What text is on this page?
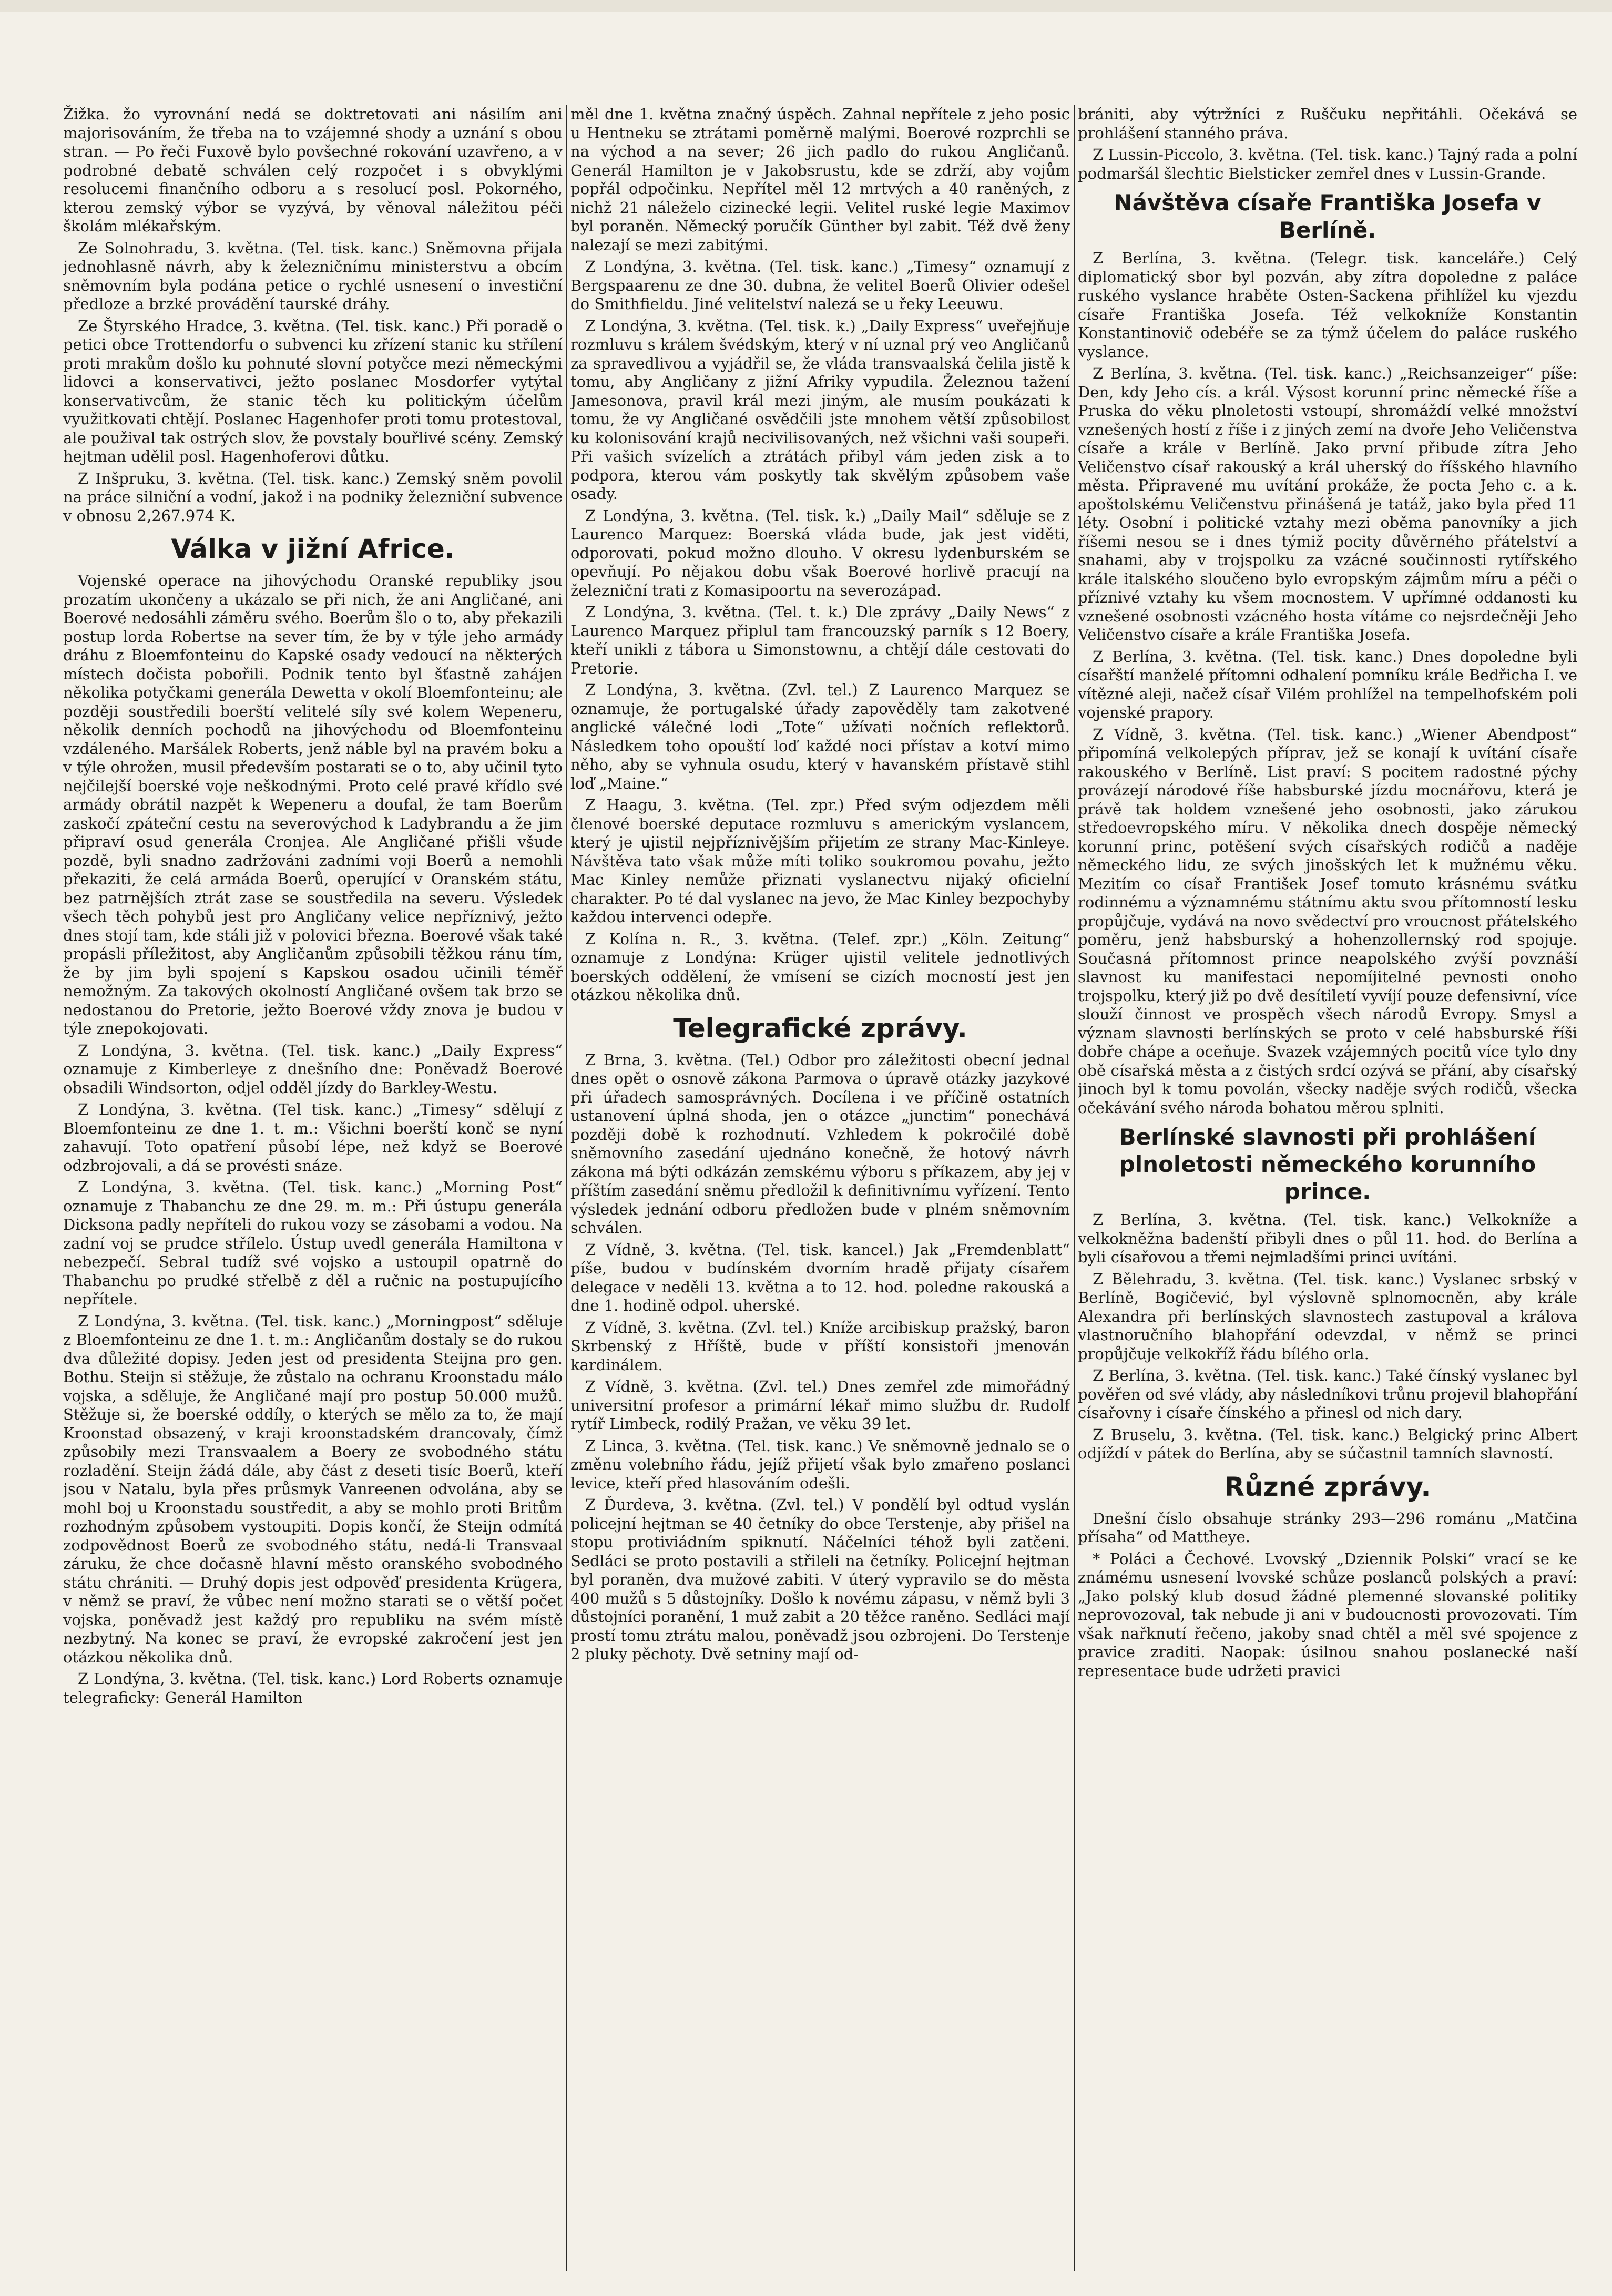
Žižka. žo vyrovnání nedá se doktretovati ani násilím ani majorisováním, že třeba na to vzájemné shody a uznání s obou stran. — Po řeči Fuxově bylo povšechné rokování uzavřeno, a v podrobné debatě schválen celý rozpočet i s obvyklými resolucemi finančního odboru a s resolucí posl. Pokorného, kterou zemský výbor se vyzývá, by věnoval náležitou péči školám mlékařským.

Ze Solnohradu, 3. května. (Tel. tisk. kanc.) Sněmovna přijala jednohlasně návrh, aby k železničnímu ministerstvu a obcím sněmovním byla podána petice o rychlé usnesení o investiční předloze a brzké provádění taurské dráhy.

Ze Štyrského Hradce, 3. května. (Tel. tisk. kanc.) Při poradě o petici obce Trottendorfu o subvenci ku zřízení stanic ku střílení proti mrakům došlo ku pohnuté slovní potyčce mezi německými lidovci a konservativci, ježto poslanec Mosdorfer vytýtal konservativcům, že stanic těch ku politickým účelům využitkovati chtějí. Poslanec Hagenhofer proti tomu protestoval, ale použival tak ostrých slov, že povstaly bouřlivé scény. Zemský hejtman udělil posl. Hagenhoferovi důtku.

Z Inšpruku, 3. května. (Tel. tisk. kanc.) Zemský sněm povolil na práce silniční a vodní, jakož i na podniky železniční subvence v obnosu 2,267.974 K.

Válka v jižní Africe.

Vojenské operace na jihovýchodu Oranské republiky jsou prozatím ukončeny a ukázalo se při nich, že ani Angličané, ani Boerové nedosáhli záměru svého. Boerům šlo o to, aby překazili postup lorda Robertse na sever tím, že by v týle jeho armády dráhu z Bloemfonteinu do Kapské osady vedoucí na některých místech dočista pobořili. Podnik tento byl šťastně zahájen několika potyčkami generála Dewetta v okolí Bloemfonteinu; ale později soustředili boerští velitelé síly své kolem Wepeneru, několik denních pochodů na jihovýchodu od Bloemfonteinu vzdáleného. Maršálek Roberts, jenž náble byl na pravém boku a v týle ohrožen, musil především postarati se o to, aby učinil tyto nejčilejší boerské voje neškodnými. Proto celé pravé křídlo své armády obrátil nazpět k Wepeneru a doufal, že tam Boerům zaskočí zpáteční cestu na severovýchod k Ladybrandu a že jim připraví osud generála Cronjea. Ale Angličané přišli všude pozdě, byli snadno zadržováni zadními voji Boerů a nemohli překaziti, že celá armáda Boerů, operující v Oranském státu, bez patrnějších ztrát zase se soustředila na severu. Výsledek všech těch pohybů jest pro Angličany velice nepříznivý, ježto dnes stojí tam, kde stáli již v polovici března. Boerové však také propásli příležitost, aby Angličanům způsobili těžkou ránu tím, že by jim byli spojení s Kapskou osadou učinili téměř nemožným. Za takových okolností Angličané ovšem tak brzo se nedostanou do Pretorie, ježto Boerové vždy znova je budou v týle znepokojovati.

Z Londýna, 3. května. (Tel. tisk. kanc.) „Daily Express“ oznamuje z Kimberleye z dnešního dne: Poněvadž Boerové obsadili Windsorton, odjel odděl jízdy do Barkley-Westu.

Z Londýna, 3. května. (Tel tisk. kanc.) „Timesy“ sdělují z Bloemfonteinu ze dne 1. t. m.: Všichni boerští konč se nyní zahavují. Toto opatření působí lépe, než když se Boerové odzbrojovali, a dá se provésti snáze.

Z Londýna, 3. května. (Tel. tisk. kanc.) „Morning Post“ oznamuje z Thabanchu ze dne 29. m. m.: Při ústupu generála Dicksona padly nepříteli do rukou vozy se zásobami a vodou. Na zadní voj se prudce střílelo. Ústup uvedl generála Hamiltona v nebezpečí. Sebral tudíž své vojsko a ustoupil opatrně do Thabanchu po prudké střelbě z děl a ručnic na postupujícího nepřítele.

Z Londýna, 3. května. (Tel. tisk. kanc.) „Morningpost“ sděluje z Bloemfonteinu ze dne 1. t. m.: Angličanům dostaly se do rukou dva důležité dopisy. Jeden jest od presidenta Steijna pro gen. Bothu. Steijn si stěžuje, že zůstalo na ochranu Kroonstadu málo vojska, a sděluje, že Angličané mají pro postup 50.000 mužů. Stěžuje si, že boerské oddíly, o kterých se mělo za to, že mají Kroonstad obsazený, v kraji kroonstadském drancovaly, čímž způsobily mezi Transvaalem a Boery ze svobodného státu rozladění. Steijn žádá dále, aby část z deseti tisíc Boerů, kteří jsou v Natalu, byla přes průsmyk Vanreenen odvolána, aby se mohl boj u Kroonstadu soustředit, a aby se mohlo proti Britům rozhodným způsobem vystoupiti. Dopis končí, že Steijn odmítá zodpovědnost Boerů ze svobodného státu, nedá-li Transvaal záruku, že chce dočasně hlavní město oranského svobodného státu chrániti. — Druhý dopis jest odpověď presidenta Krügera, v němž se praví, že vůbec není možno starati se o větší počet vojska, poněvadž jest každý pro republiku na svém místě nezbytný. Na konec se praví, že evropské zakročení jest jen otázkou několika dnů.

Z Londýna, 3. května. (Tel. tisk. kanc.) Lord Roberts oznamuje telegraficky: Generál Hamilton

měl dne 1. května značný úspěch. Zahnal nepřítele z jeho posic u Hentneku se ztrátami poměrně malými. Boerové rozprchli se na východ a na sever; 26 jich padlo do rukou Angličanů. Generál Hamilton je v Jakobsrustu, kde se zdrží, aby vojům popřál odpočinku. Nepřítel měl 12 mrtvých a 40 raněných, z nichž 21 náleželo cizinecké legii. Velitel ruské legie Maximov byl poraněn. Německý poručík Günther byl zabit. Též dvě ženy nalezají se mezi zabitými.

Z Londýna, 3. května. (Tel. tisk. kanc.) „Timesy“ oznamují z Bergspaarenu ze dne 30. dubna, že velitel Boerů Olivier odešel do Smithfieldu. Jiné velitelství nalezá se u řeky Leeuwu.

Z Londýna, 3. května. (Tel. tisk. k.) „Daily Express“ uveřejňuje rozmluvu s králem švédským, který v ní uznal prý veo Angličanů za spravedlivou a vyjádřil se, že vláda transvaalská čelila jistě k tomu, aby Angličany z jižní Afriky vypudila. Železnou tažení Jamesonova, pravil král mezi jiným, ale musím poukázati k tomu, že vy Angličané osvědčili jste mnohem větší způsobilost ku kolonisování krajů necivilisovaných, než všichni vaši soupeři. Při vašich svízelích a ztrátách přibyl vám jeden zisk a to podpora, kterou vám poskytly tak skvělým způsobem vaše osady.

Z Londýna, 3. května. (Tel. tisk. k.) „Daily Mail“ sděluje se z Laurenco Marquez: Boerská vláda bude, jak jest viděti, odporovati, pokud možno dlouho. V okresu lydenburském se opevňují. Po nějakou dobu však Boerové horlivě pracují na železniční trati z Komasipoortu na severozápad.

Z Londýna, 3. května. (Tel. t. k.) Dle zprávy „Daily News“ z Laurenco Marquez připlul tam francouzský parník s 12 Boery, kteří unikli z tábora u Simonstownu, a chtějí dále cestovati do Pretorie.

Z Londýna, 3. května. (Zvl. tel.) Z Laurenco Marquez se oznamuje, že portugalské úřady zapověděly tam zakotvené anglické válečné lodi „Tote“ užívati nočních reflektorů. Následkem toho opouští loď každé noci přístav a kotví mimo něho, aby se vyhnula osudu, který v havanském přístavě stihl loď „Maine.“

Z Haagu, 3. května. (Tel. zpr.) Před svým odjezdem měli členové boerské deputace rozmluvu s americkým vyslancem, který je ujistil nejpříznivějším přijetím ze strany Mac-Kinleye. Návštěva tato však může míti toliko soukromou povahu, ježto Mac Kinley nemůže přiznati vyslanectvu nijaký oficielní charakter. Po té dal vyslanec na jevo, že Mac Kinley bezpochyby každou intervenci odepře.

Z Kolína n. R., 3. května. (Telef. zpr.) „Köln. Zeitung“ oznamuje z Londýna: Krüger ujistil velitele jednotlivých boerských oddělení, že vmísení se cizích mocností jest jen otázkou několika dnů.

Telegrafické zprávy.

Z Brna, 3. května. (Tel.) Odbor pro záležitosti obecní jednal dnes opět o osnově zákona Parmova o úpravě otázky jazykové při úřadech samosprávných. Docílena i ve příčině ostatních ustanovení úplná shoda, jen o otázce „junctim“ ponechává později době k rozhodnutí. Vzhledem k pokročilé době sněmovního zasedání ujednáno konečně, že hotový návrh zákona má býti odkázán zemskému výboru s příkazem, aby jej v příštím zasedání sněmu předložil k definitivnímu vyřízení. Tento výsledek jednání odboru předložen bude v plném sněmovním schválen.

Z Vídně, 3. května. (Tel. tisk. kancel.) Jak „Fremdenblatt“ píše, budou v budínském dvorním hradě přijaty císařem delegace v neděli 13. května a to 12. hod. poledne rakouská a dne 1. hodině odpol. uherské.

Z Vídně, 3. května. (Zvl. tel.) Kníže arcibiskup pražský, baron Skrbenský z Hříště, bude v příští konsistoři jmenován kardinálem.

Z Vídně, 3. května. (Zvl. tel.) Dnes zemřel zde mimořádný universitní profesor a primární lékař mimo službu dr. Rudolf rytíř Limbeck, rodilý Pražan, ve věku 39 let.

Z Linca, 3. května. (Tel. tisk. kanc.) Ve sněmovně jednalo se o změnu volebního řádu, jejíž přijetí však bylo zmařeno poslanci levice, kteří před hlasováním odešli.

Z Ďurdeva, 3. května. (Zvl. tel.) V pondělí byl odtud vyslán policejní hejtman se 40 četníky do obce Terstenje, aby přišel na stopu protiviádním spiknutí. Náčelníci téhož byli zatčeni. Sedláci se proto postavili a střileli na četníky. Policejní hejtman byl poraněn, dva mužové zabiti. V úterý vypravilo se do města 400 mužů s 5 důstojníky. Došlo k novému zápasu, v němž byli 3 důstojníci poranění, 1 muž zabit a 20 těžce raněno. Sedláci mají prostí tomu ztrátu malou, poněvadž jsou ozbrojeni. Do Terstenje 2 pluky pěchoty. Dvě setniny mají od-

brániti, aby výtržníci z Ruščuku nepřitáhli. Očekává se prohlášení stanného práva.

Z Lussin-Piccolo, 3. května. (Tel. tisk. kanc.) Tajný rada a polní podmaršál šlechtic Bielsticker zemřel dnes v Lussin-Grande.

Návštěva císaře Františka Josefa v Berlíně.

Z Berlína, 3. května. (Telegr. tisk. kanceláře.) Celý diplomatický sbor byl pozván, aby zítra dopoledne z paláce ruského vyslance hraběte Osten-Sackena přihlížel ku vjezdu císaře Františka Josefa. Též velkokníže Konstantin Konstantinovič odebéře se za týmž účelem do paláce ruského vyslance.

Z Berlína, 3. května. (Tel. tisk. kanc.) „Reichsanzeiger“ píše: Den, kdy Jeho cís. a král. Výsost korunní princ německé říše a Pruska do věku plnoletosti vstoupí, shromáždí velké množství vznešených hostí z říše i z jiných zemí na dvoře Jeho Veličenstva císaře a krále v Berlíně. Jako první přibude zítra Jeho Veličenstvo císař rakouský a král uherský do říšského hlavního města. Připravené mu uvítání prokáže, že pocta Jeho c. a k. apoštolskému Veličenstvu přinášená je tatáž, jako byla před 11 léty. Osobní i politické vztahy mezi oběma panovníky a jich říšemi nesou se i dnes týmiž pocity důvěrného přátelství a snahami, aby v trojspolku za vzácné součinnosti rytířského krále italského sloučeno bylo evropským zájmům míru a péči o příznivé vztahy ku všem mocnostem. V upřímné oddanosti ku vznešené osobnosti vzácného hosta vítáme co nejsrdečněji Jeho Veličenstvo císaře a krále Františka Josefa.

Z Berlína, 3. května. (Tel. tisk. kanc.) Dnes dopoledne byli císařští manželé přítomni odhalení pomníku krále Bedřicha I. ve vítězné aleji, načež císař Vilém prohlížel na tempelhofském poli vojenské prapory.

Z Vídně, 3. května. (Tel. tisk. kanc.) „Wiener Abendpost“ připomíná velkolepých příprav, jež se konají k uvítání císaře rakouského v Berlíně. List praví: S pocitem radostné pýchy provázejí národové říše habsburské jízdu mocnářovu, která je právě tak holdem vznešené jeho osobnosti, jako zárukou středoevropského míru. V několika dnech dospěje německý korunní princ, potěšení svých císařských rodičů a naděje německého lidu, ze svých jinošských let k mužnému věku. Mezitím co císař František Josef tomuto krásnému svátku rodinnému a významnému státnímu aktu svou přítomností lesku propůjčuje, vydává na novo svědectví pro vroucnost přátelského poměru, jenž habsburský a hohenzollernský rod spojuje. Současná přítomnost prince neapolského zvýší povznáší slavnost ku manifestaci nepomíjitelné pevnosti onoho trojspolku, který již po dvě desítiletí vyvíjí pouze defensivní, více slouží činnost ve prospěch všech národů Evropy. Smysl a význam slavnosti berlínských se proto v celé habsburské říši dobře chápe a oceňuje. Svazek vzájemných pocitů více tylo dny obě císařská města a z čistých srdcí ozývá se přání, aby císařský jinoch byl k tomu povolán, všecky naděje svých rodičů, všecka očekávání svého národa bohatou měrou splniti.

Berlínské slavnosti při prohlášení plnoletosti německého korunního prince.

Z Berlína, 3. května. (Tel. tisk. kanc.) Velkokníže a velkokněžna badenští přibyli dnes o půl 11. hod. do Berlína a byli císařovou a třemi nejmladšími princi uvítáni.

Z Bělehradu, 3. května. (Tel. tisk. kanc.) Vyslanec srbský v Berlíně, Bogičević, byl výslovně splnomocněn, aby krále Alexandra při berlínských slavnostech zastupoval a králova vlastnoručního blahopřání odevzdal, v němž se princi propůjčuje velkokříž řádu bílého orla.

Z Berlína, 3. května. (Tel. tisk. kanc.) Také čínský vyslanec byl pověřen od své vlády, aby následníkovi trůnu projevil blahopřání císařovny i císaře čínského a přinesl od nich dary.

Z Bruselu, 3. května. (Tel. tisk. kanc.) Belgický princ Albert odjíždí v pátek do Berlína, aby se súčastnil tamních slavností.

Různé zprávy.

Dnešní číslo obsahuje stránky 293—296 románu „Matčina přísaha“ od Mattheye.

* Poláci a Čechové. Lvovský „Dziennik Polski“ vrací se ke známému usnesení lvovské schůze poslanců polských a praví: „Jako polský klub dosud žádné plemenné slovanské politiky neprovozoval, tak nebude ji ani v budoucnosti provozovati. Tím však nařknutí řečeno, jakoby snad chtěl a měl své spojence z pravice zraditi. Naopak: úsilnou snahou poslanecké naší representace bude udržeti pravici
